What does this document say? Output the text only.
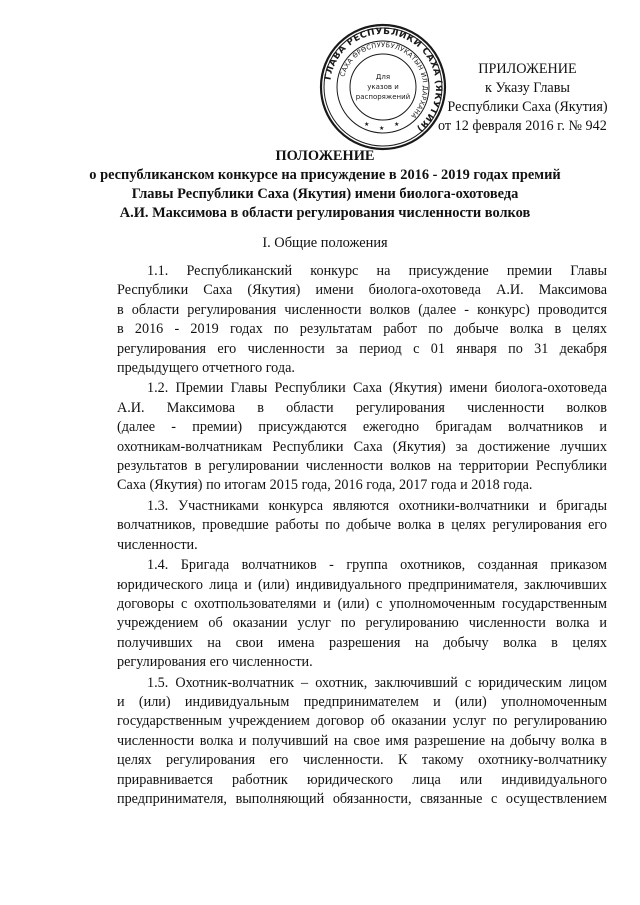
ГЛАВА РЕСПУБЛИКИ САХА (ЯКУТИЯ)
САХА ӨРӨСПУУБУЛУКАТЫН ИЛ ДАРХАНА
Для
указов и
распоряжений
★
★
★
ПРИЛОЖЕНИЕ
к Указу Главы
Республики Саха (Якутия)
от 12 февраля 2016 г. № 942
ПОЛОЖЕНИЕ
о республиканском конкурсе на присуждение в 2016 - 2019 годах премий
Главы Республики Саха (Якутия) имени биолога-охотоведа
А.И. Максимова в области регулирования численности волков
I. Общие положения
1.1. Республиканский конкурс на присуждение премии Главы
Республики Саха (Якутия) имени биолога-охотоведа А.И. Максимова
в области регулирования численности волков (далее - конкурс) проводится
в 2016 - 2019 годах по результатам работ по добыче волка в целях
регулирования его численности за период с 01 января по 31 декабря
предыдущего отчетного года.
1.2. Премии Главы Республики Саха (Якутия) имени биолога-охотоведа
А.И. Максимова в области регулирования численности волков
(далее - премии) присуждаются ежегодно бригадам волчатников и
охотникам-волчатникам Республики Саха (Якутия) за достижение лучших
результатов в регулировании численности волков на территории Республики
Саха (Якутия) по итогам 2015 года, 2016 года, 2017 года и 2018 года.
1.3. Участниками конкурса являются охотники-волчатники и бригады
волчатников, проведшие работы по добыче волка в целях регулирования его
численности.
1.4. Бригада волчатников - группа охотников, созданная приказом
юридического лица и (или) индивидуального предпринимателя, заключивших
договоры с охотпользователями и (или) с уполномоченным государственным
учреждением об оказании услуг по регулированию численности волка и
получивших на свои имена разрешения на добычу волка в целях
регулирования его численности.
1.5. Охотник-волчатник – охотник, заключивший с юридическим лицом
и (или) индивидуальным предпринимателем и (или) уполномоченным
государственным учреждением договор об оказании услуг по регулированию
численности волка и получивший на свое имя разрешение на добычу волка в
целях регулирования его численности. К такому охотнику-волчатнику
приравнивается работник юридического лица или индивидуального
предпринимателя, выполняющий обязанности, связанные с осуществлением
